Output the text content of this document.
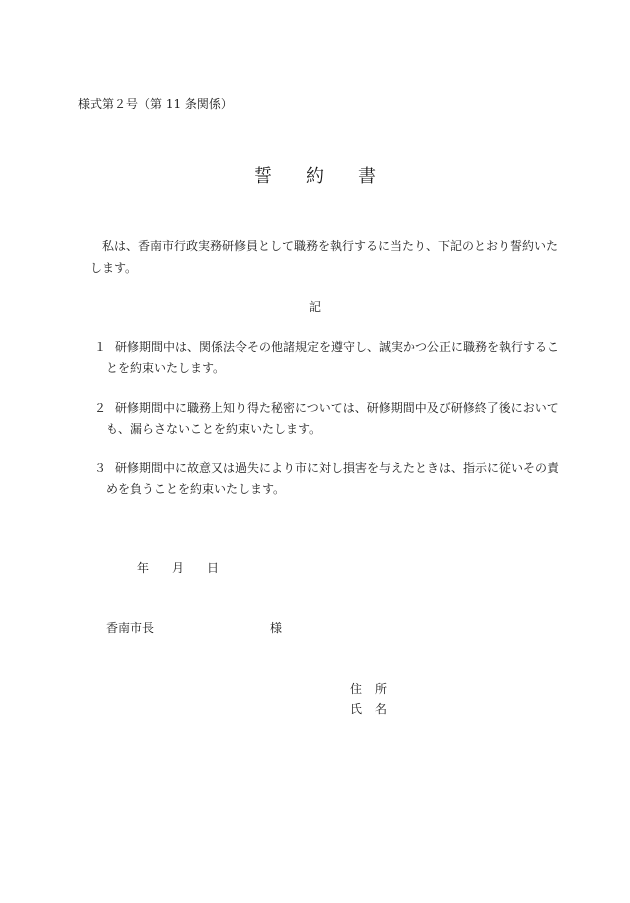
様式第２号（第 11 条関係）
誓 約 書
私は、香南市行政実務研修員として職務を執行するに当たり、下記のとおり誓約いた
します。
記
１ 研修期間中は、関係法令その他諸規定を遵守し、誠実かつ公正に職務を執行するこ
とを約束いたします。
２ 研修期間中に職務上知り得た秘密については、研修期間中及び研修終了後において
も、漏らさないことを約束いたします。
３ 研修期間中に故意又は過失により市に対し損害を与えたときは、指示に従いその責
めを負うことを約束いたします。
年 月 日
香南市長	様
住 所
氏 名
